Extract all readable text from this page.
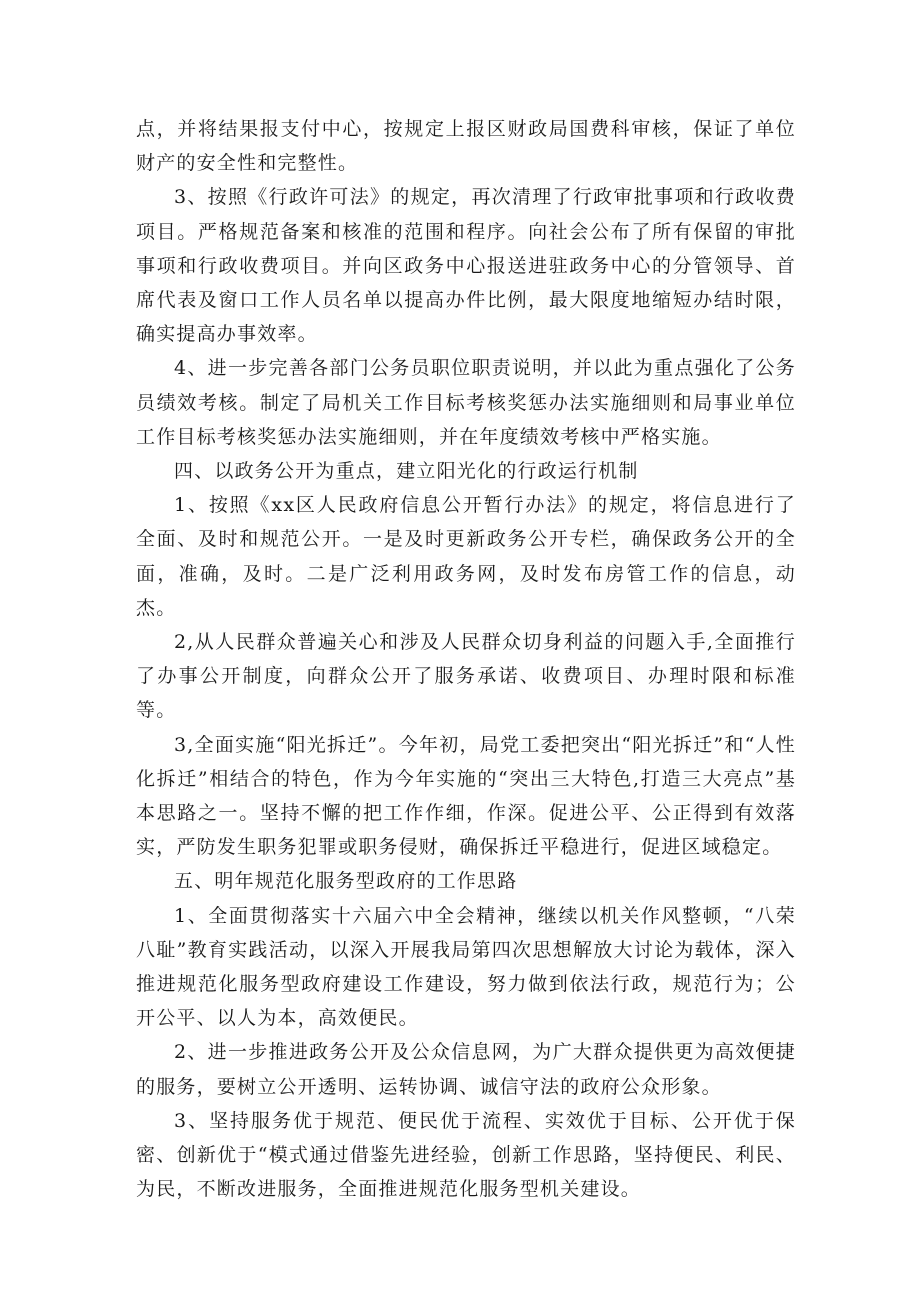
点，并将结果报支付中心，按规定上报区财政局国费科审核，保证了单位财产的安全性和完整性。

3、按照《行政许可法》的规定，再次清理了行政审批事项和行政收费项目。严格规范备案和核准的范围和程序。向社会公布了所有保留的审批事项和行政收费项目。并向区政务中心报送进驻政务中心的分管领导、首席代表及窗口工作人员名单以提高办件比例，最大限度地缩短办结时限，确实提高办事效率。

4、进一步完善各部门公务员职位职责说明，并以此为重点强化了公务员绩效考核。制定了局机关工作目标考核奖惩办法实施细则和局事业单位工作目标考核奖惩办法实施细则，并在年度绩效考核中严格实施。

四、以政务公开为重点，建立阳光化的行政运行机制

1、按照《xx区人民政府信息公开暂行办法》的规定，将信息进行了全面、及时和规范公开。一是及时更新政务公开专栏，确保政务公开的全面，准确，及时。二是广泛利用政务网，及时发布房管工作的信息，动杰。

2,从人民群众普遍关心和涉及人民群众切身利益的问题入手,全面推行了办事公开制度，向群众公开了服务承诺、收费项目、办理时限和标准等。

3,全面实施“阳光拆迁”。今年初，局党工委把突出“阳光拆迁”和“人性化拆迁”相结合的特色，作为今年实施的“突出三大特色,打造三大亮点”基本思路之一。坚持不懈的把工作作细，作深。促进公平、公正得到有效落实，严防发生职务犯罪或职务侵财，确保拆迁平稳进行，促进区域稳定。

五、明年规范化服务型政府的工作思路

1、全面贯彻落实十六届六中全会精神，继续以机关作风整顿，“八荣八耻”教育实践活动，以深入开展我局第四次思想解放大讨论为载体，深入推进规范化服务型政府建设工作建设，努力做到依法行政，规范行为；公开公平、以人为本，高效便民。

2、进一步推进政务公开及公众信息网，为广大群众提供更为高效便捷的服务，要树立公开透明、运转协调、诚信守法的政府公众形象。

3、坚持服务优于规范、便民优于流程、实效优于目标、公开优于保密、创新优于“模式通过借鉴先进经验，创新工作思路，坚持便民、利民、为民，不断改进服务，全面推进规范化服务型机关建设。
